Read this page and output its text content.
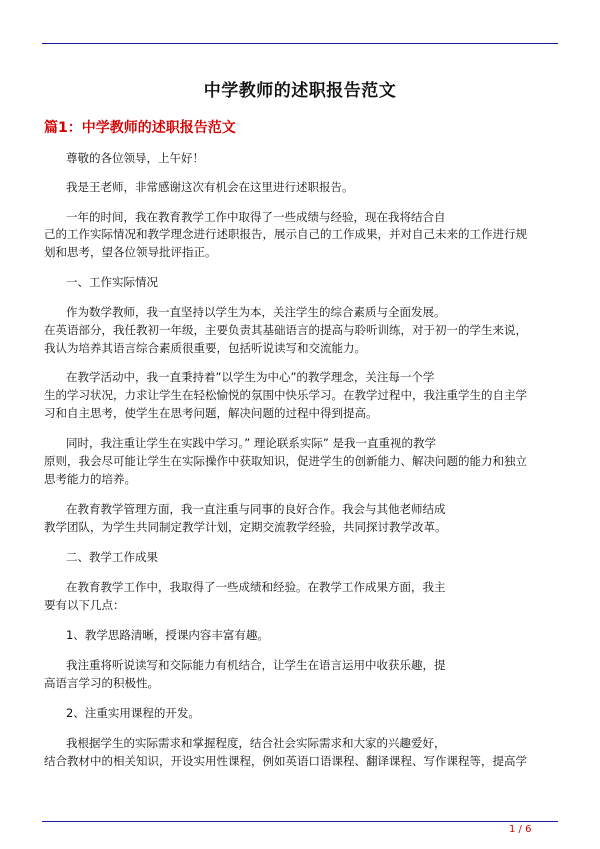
中学教师的述职报告范文
篇1：中学教师的述职报告范文
尊敬的各位领导，上午好！
我是王老师，非常感谢这次有机会在这里进行述职报告。
一年的时间，我在教育教学工作中取得了一些成绩与经验，现在我将结合自
己的工作实际情况和教学理念进行述职报告，展示自己的工作成果，并对自己未来的工作进行规
划和思考，望各位领导批评指正。
一、工作实际情况
作为数学教师，我一直坚持以学生为本，关注学生的综合素质与全面发展。
在英语部分，我任教初一年级，主要负责其基础语言的提高与聆听训练，对于初一的学生来说，
我认为培养其语言综合素质很重要，包括听说读写和交流能力。
在教学活动中，我一直秉持着”以学生为中心”的教学理念，关注每一个学
生的学习状况，力求让学生在轻松愉悦的氛围中快乐学习。在教学过程中，我注重学生的自主学
习和自主思考，使学生在思考问题，解决问题的过程中得到提高。
同时，我注重让学生在实践中学习。” 理论联系实际” 是我一直重视的教学
原则，我会尽可能让学生在实际操作中获取知识，促进学生的创新能力、解决问题的能力和独立
思考能力的培养。
在教育教学管理方面，我一直注重与同事的良好合作。我会与其他老师结成
教学团队，为学生共同制定教学计划，定期交流教学经验，共同探讨教学改革。
二、教学工作成果
在教育教学工作中，我取得了一些成绩和经验。在教学工作成果方面，我主
要有以下几点：
1、教学思路清晰，授课内容丰富有趣。
我注重将听说读写和交际能力有机结合，让学生在语言运用中收获乐趣，提
高语言学习的积极性。
2、注重实用课程的开发。
我根据学生的实际需求和掌握程度，结合社会实际需求和大家的兴趣爱好，
结合教材中的相关知识，开设实用性课程，例如英语口语课程、翻译课程、写作课程等，提高学
1 / 6
